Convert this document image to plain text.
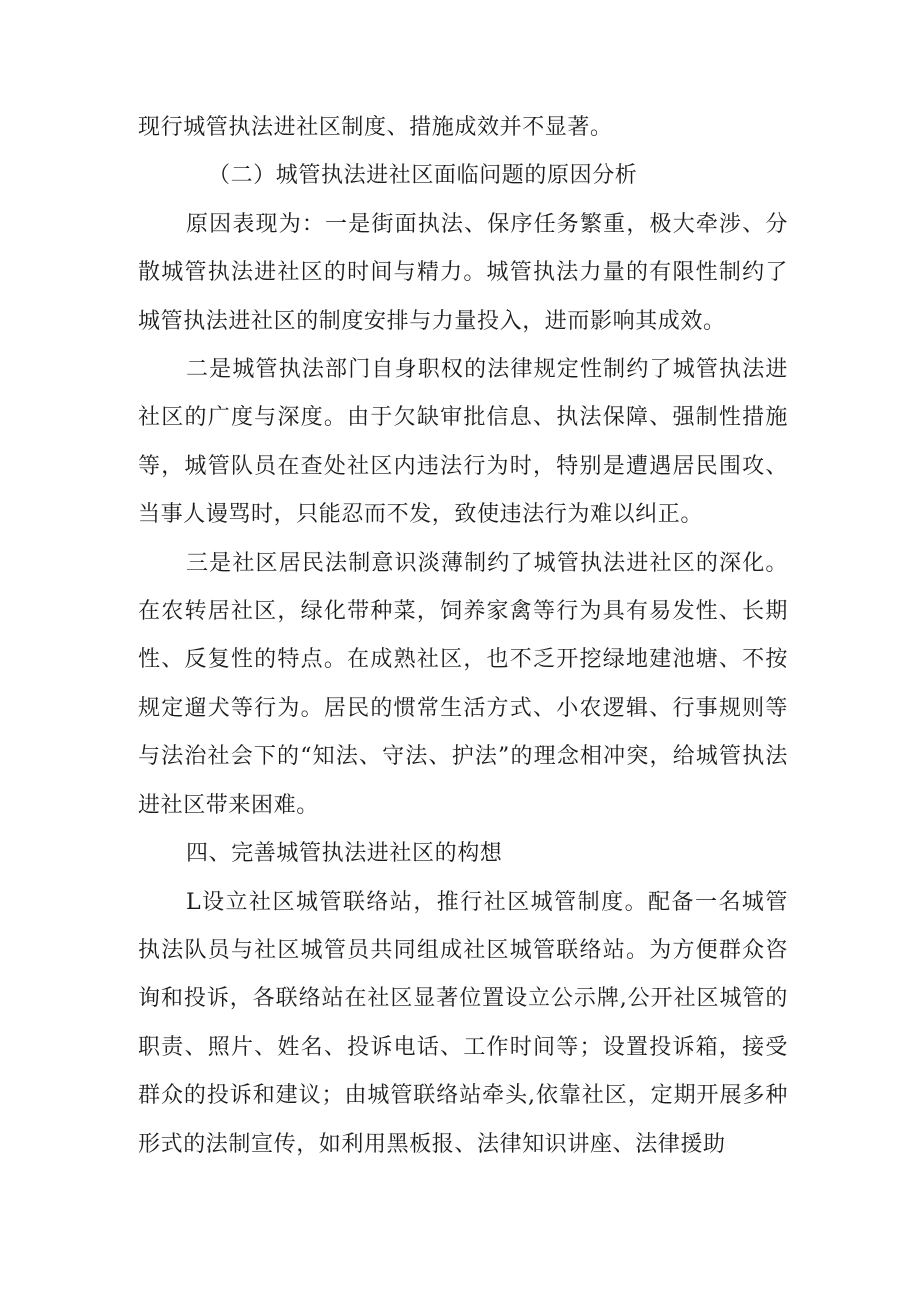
现行城管执法进社区制度、措施成效并不显著。

（二）城管执法进社区面临问题的原因分析

原因表现为：一是街面执法、保序任务繁重，极大牵涉、分散城管执法进社区的时间与精力。城管执法力量的有限性制约了城管执法进社区的制度安排与力量投入，进而影响其成效。

二是城管执法部门自身职权的法律规定性制约了城管执法进社区的广度与深度。由于欠缺审批信息、执法保障、强制性措施等，城管队员在查处社区内违法行为时，特别是遭遇居民围攻、当事人谩骂时，只能忍而不发，致使违法行为难以纠正。

三是社区居民法制意识淡薄制约了城管执法进社区的深化。在农转居社区，绿化带种菜，饲养家禽等行为具有易发性、长期性、反复性的特点。在成熟社区，也不乏开挖绿地建池塘、不按规定遛犬等行为。居民的惯常生活方式、小农逻辑、行事规则等与法治社会下的“知法、守法、护法”的理念相冲突，给城管执法进社区带来困难。

四、完善城管执法进社区的构想

L设立社区城管联络站，推行社区城管制度。配备一名城管执法队员与社区城管员共同组成社区城管联络站。为方便群众咨询和投诉，各联络站在社区显著位置设立公示牌,公开社区城管的职责、照片、姓名、投诉电话、工作时间等；设置投诉箱，接受群众的投诉和建议；由城管联络站牵头,依靠社区，定期开展多种形式的法制宣传，如利用黑板报、法律知识讲座、法律援助
